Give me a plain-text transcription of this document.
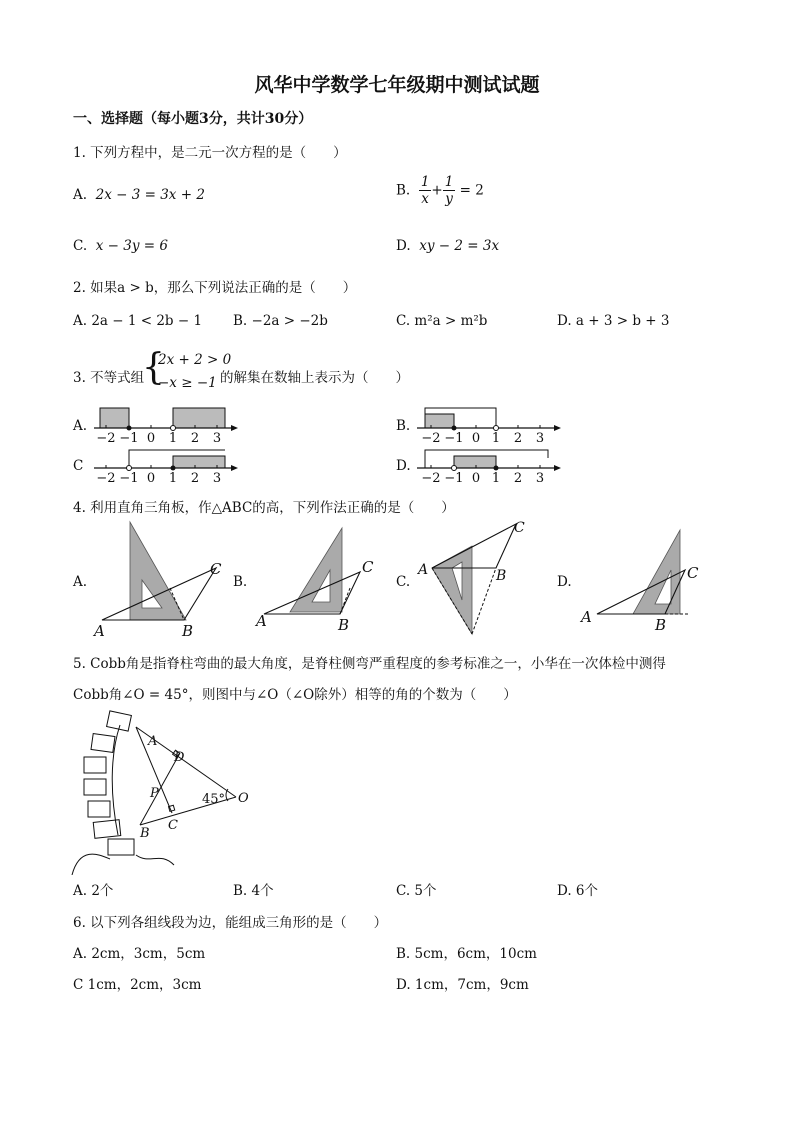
风华中学数学七年级期中测试试题
一、选择题（每小题3分，共计30分）
1. 下列方程中，是二元一次方程的是（　　）
A. 2x − 3 = 3x + 2	B. $\frac{1}{x} + \frac{1}{y} = 2$
C. x − 3y = 6	D. xy − 2 = 3x
2. 如果a > b，那么下列说法正确的是（　　）
A. 2a − 1 < 2b − 1 B. −2a > −2b	C. m²a > m²b	D. a + 3 > b + 3
3. 不等式组
{
2x + 2 > 0
−x ≥ −1 的解集在数轴上表示为（　　）
A.	B.
C	D.
−2 −1 0 1 2 3	−2 −1 0 1 2 3
−2 −1 0 1 2 3	−2 −1 0 1 2 3
4. 利用直角三角板，作△ABC的高，下列作法正确的是（　　）
A.	B.	C.	D.
A	B
C
A	B
C	A	B
C
A	B
C
5. Cobb角是指脊柱弯曲的最大角度，是脊柱侧弯严重程度的参考标准之一，小华在一次体检中测得
Cobb角∠O = 45°，则图中与∠O（∠O除外）相等的角的个数为（　　）
A
D
P	45° O
B
C
A. 2个	B. 4个	C. 5个	D. 6个
6. 以下列各组线段为边，能组成三角形的是（　　）
A. 2cm，3cm，5cm	B. 5cm，6cm，10cm
C 1cm，2cm，3cm	D. 1cm，7cm，9cm
